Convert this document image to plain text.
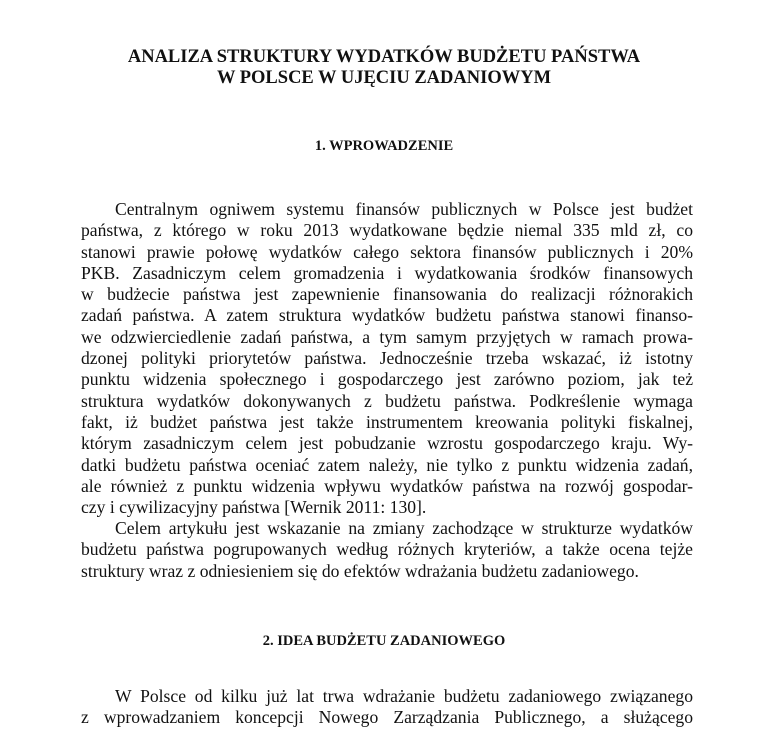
ANALIZA STRUKTURY WYDATKÓW BUDŻETU PAŃSTWA
W POLSCE W UJĘCIU ZADANIOWYM
1. WPROWADZENIE
Centralnym ogniwem systemu finansów publicznych w Polsce jest budżet
państwa, z którego w roku 2013 wydatkowane będzie niemal 335 mld zł, co
stanowi prawie połowę wydatków całego sektora finansów publicznych i 20%
PKB. Zasadniczym celem gromadzenia i wydatkowania środków finansowych
w budżecie państwa jest zapewnienie finansowania do realizacji różnorakich
zadań państwa. A zatem struktura wydatków budżetu państwa stanowi finanso-
we odzwierciedlenie zadań państwa, a tym samym przyjętych w ramach prowa-
dzonej polityki priorytetów państwa. Jednocześnie trzeba wskazać, iż istotny
punktu widzenia społecznego i gospodarczego jest zarówno poziom, jak też
struktura wydatków dokonywanych z budżetu państwa. Podkreślenie wymaga
fakt, iż budżet państwa jest także instrumentem kreowania polityki fiskalnej,
którym zasadniczym celem jest pobudzanie wzrostu gospodarczego kraju. Wy-
datki budżetu państwa oceniać zatem należy, nie tylko z punktu widzenia zadań,
ale również z punktu widzenia wpływu wydatków państwa na rozwój gospodar-
czy i cywilizacyjny państwa [Wernik 2011: 130].
Celem artykułu jest wskazanie na zmiany zachodzące w strukturze wydatków
budżetu państwa pogrupowanych według różnych kryteriów, a także ocena tejże
struktury wraz z odniesieniem się do efektów wdrażania budżetu zadaniowego.
2. IDEA BUDŻETU ZADANIOWEGO
W Polsce od kilku już lat trwa wdrażanie budżetu zadaniowego związanego
z wprowadzaniem koncepcji Nowego Zarządzania Publicznego, a służącego
